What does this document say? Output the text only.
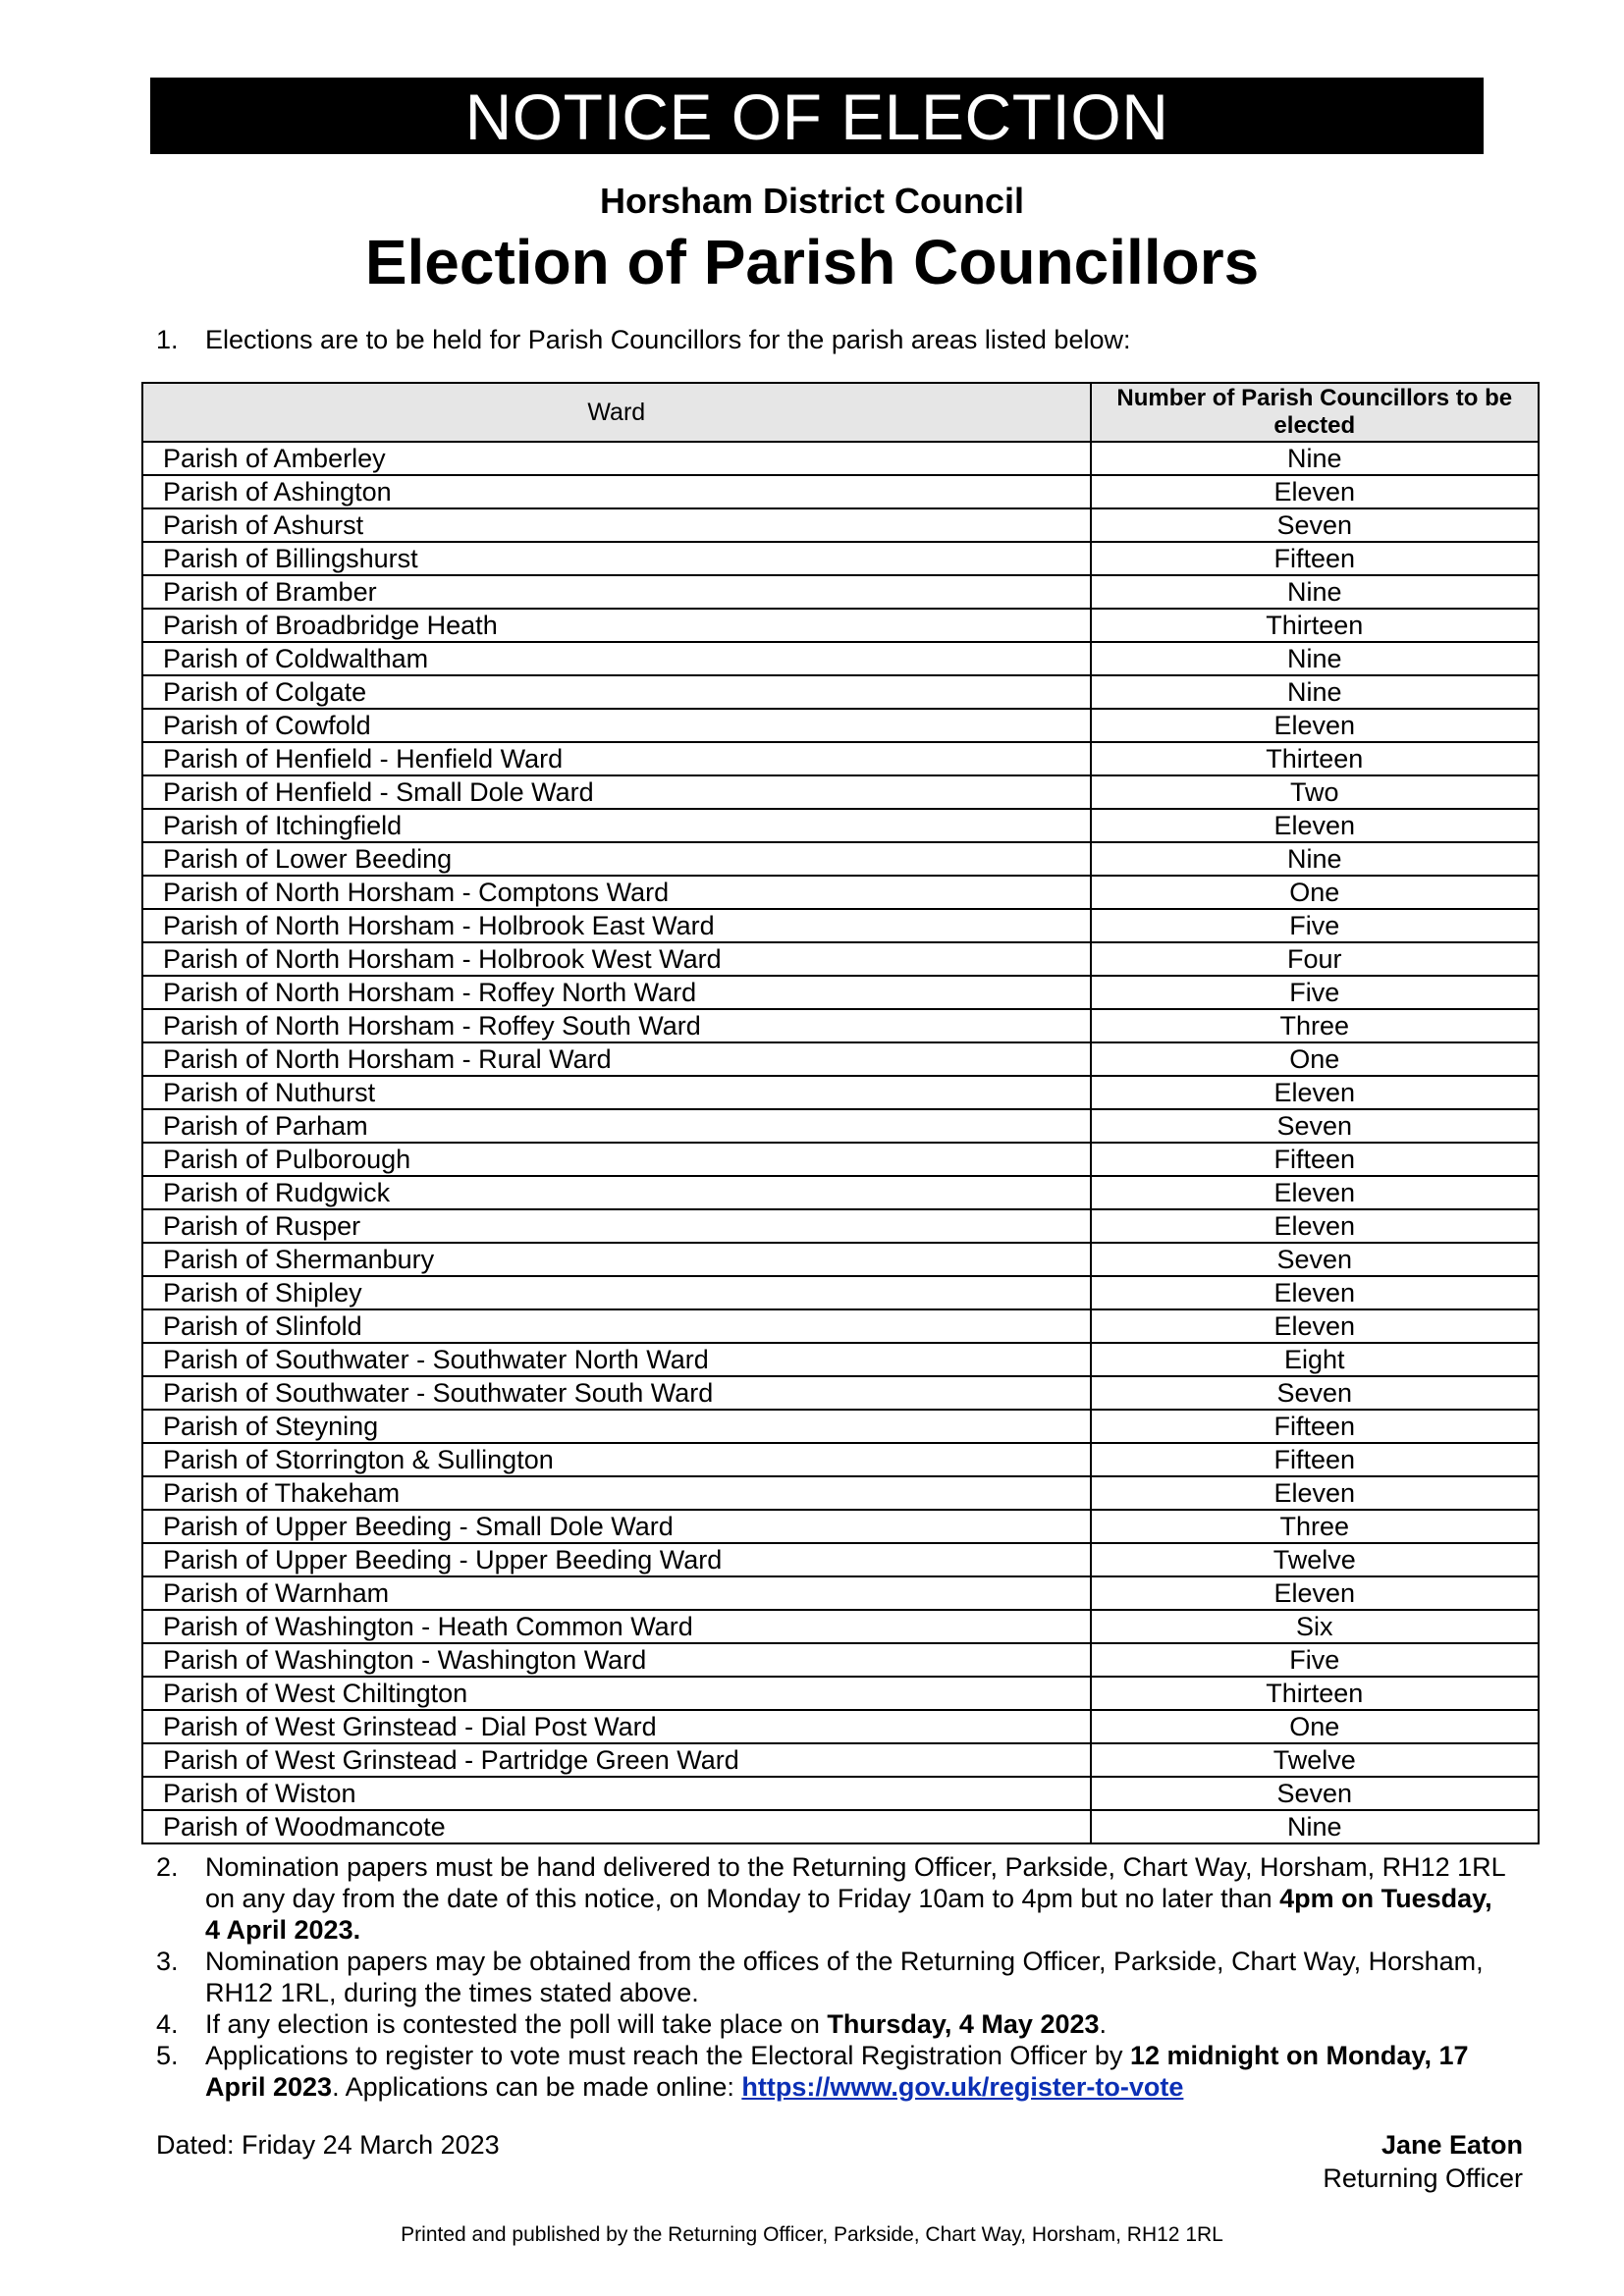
NOTICE OF ELECTION
Horsham District Council
Election of Parish Councillors
1.	Elections are to be held for Parish Councillors for the parish areas listed below:
Ward	Number of Parish Councillors to be elected
Parish of Amberley	Nine
Parish of Ashington	Eleven
Parish of Ashurst	Seven
Parish of Billingshurst	Fifteen
Parish of Bramber	Nine
Parish of Broadbridge Heath	Thirteen
Parish of Coldwaltham	Nine
Parish of Colgate	Nine
Parish of Cowfold	Eleven
Parish of Henfield - Henfield Ward	Thirteen
Parish of Henfield - Small Dole Ward	Two
Parish of Itchingfield	Eleven
Parish of Lower Beeding	Nine
Parish of North Horsham - Comptons Ward	One
Parish of North Horsham - Holbrook East Ward	Five
Parish of North Horsham - Holbrook West Ward	Four
Parish of North Horsham - Roffey North Ward	Five
Parish of North Horsham - Roffey South Ward	Three
Parish of North Horsham - Rural Ward	One
Parish of Nuthurst	Eleven
Parish of Parham	Seven
Parish of Pulborough	Fifteen
Parish of Rudgwick	Eleven
Parish of Rusper	Eleven
Parish of Shermanbury	Seven
Parish of Shipley	Eleven
Parish of Slinfold	Eleven
Parish of Southwater - Southwater North Ward	Eight
Parish of Southwater - Southwater South Ward	Seven
Parish of Steyning	Fifteen
Parish of Storrington & Sullington	Fifteen
Parish of Thakeham	Eleven
Parish of Upper Beeding - Small Dole Ward	Three
Parish of Upper Beeding - Upper Beeding Ward	Twelve
Parish of Warnham	Eleven
Parish of Washington - Heath Common Ward	Six
Parish of Washington - Washington Ward	Five
Parish of West Chiltington	Thirteen
Parish of West Grinstead - Dial Post Ward	One
Parish of West Grinstead - Partridge Green Ward	Twelve
Parish of Wiston	Seven
Parish of Woodmancote	Nine

2.	Nomination papers must be hand delivered to the Returning Officer, Parkside, Chart Way, Horsham, RH12 1RL on any day from the date of this notice, on Monday to Friday 10am to 4pm but no later than 4pm on Tuesday, 4 April 2023.

3.	Nomination papers may be obtained from the offices of the Returning Officer, Parkside, Chart Way, Horsham, RH12 1RL, during the times stated above.

4.	If any election is contested the poll will take place on Thursday, 4 May 2023.

5.	Applications to register to vote must reach the Electoral Registration Officer by 12 midnight on Monday, 17 April 2023. Applications can be made online: https://www.gov.uk/register-to-vote

Dated: Friday 24 March 2023	Jane Eaton
Returning Officer
Printed and published by the Returning Officer, Parkside, Chart Way, Horsham, RH12 1RL
